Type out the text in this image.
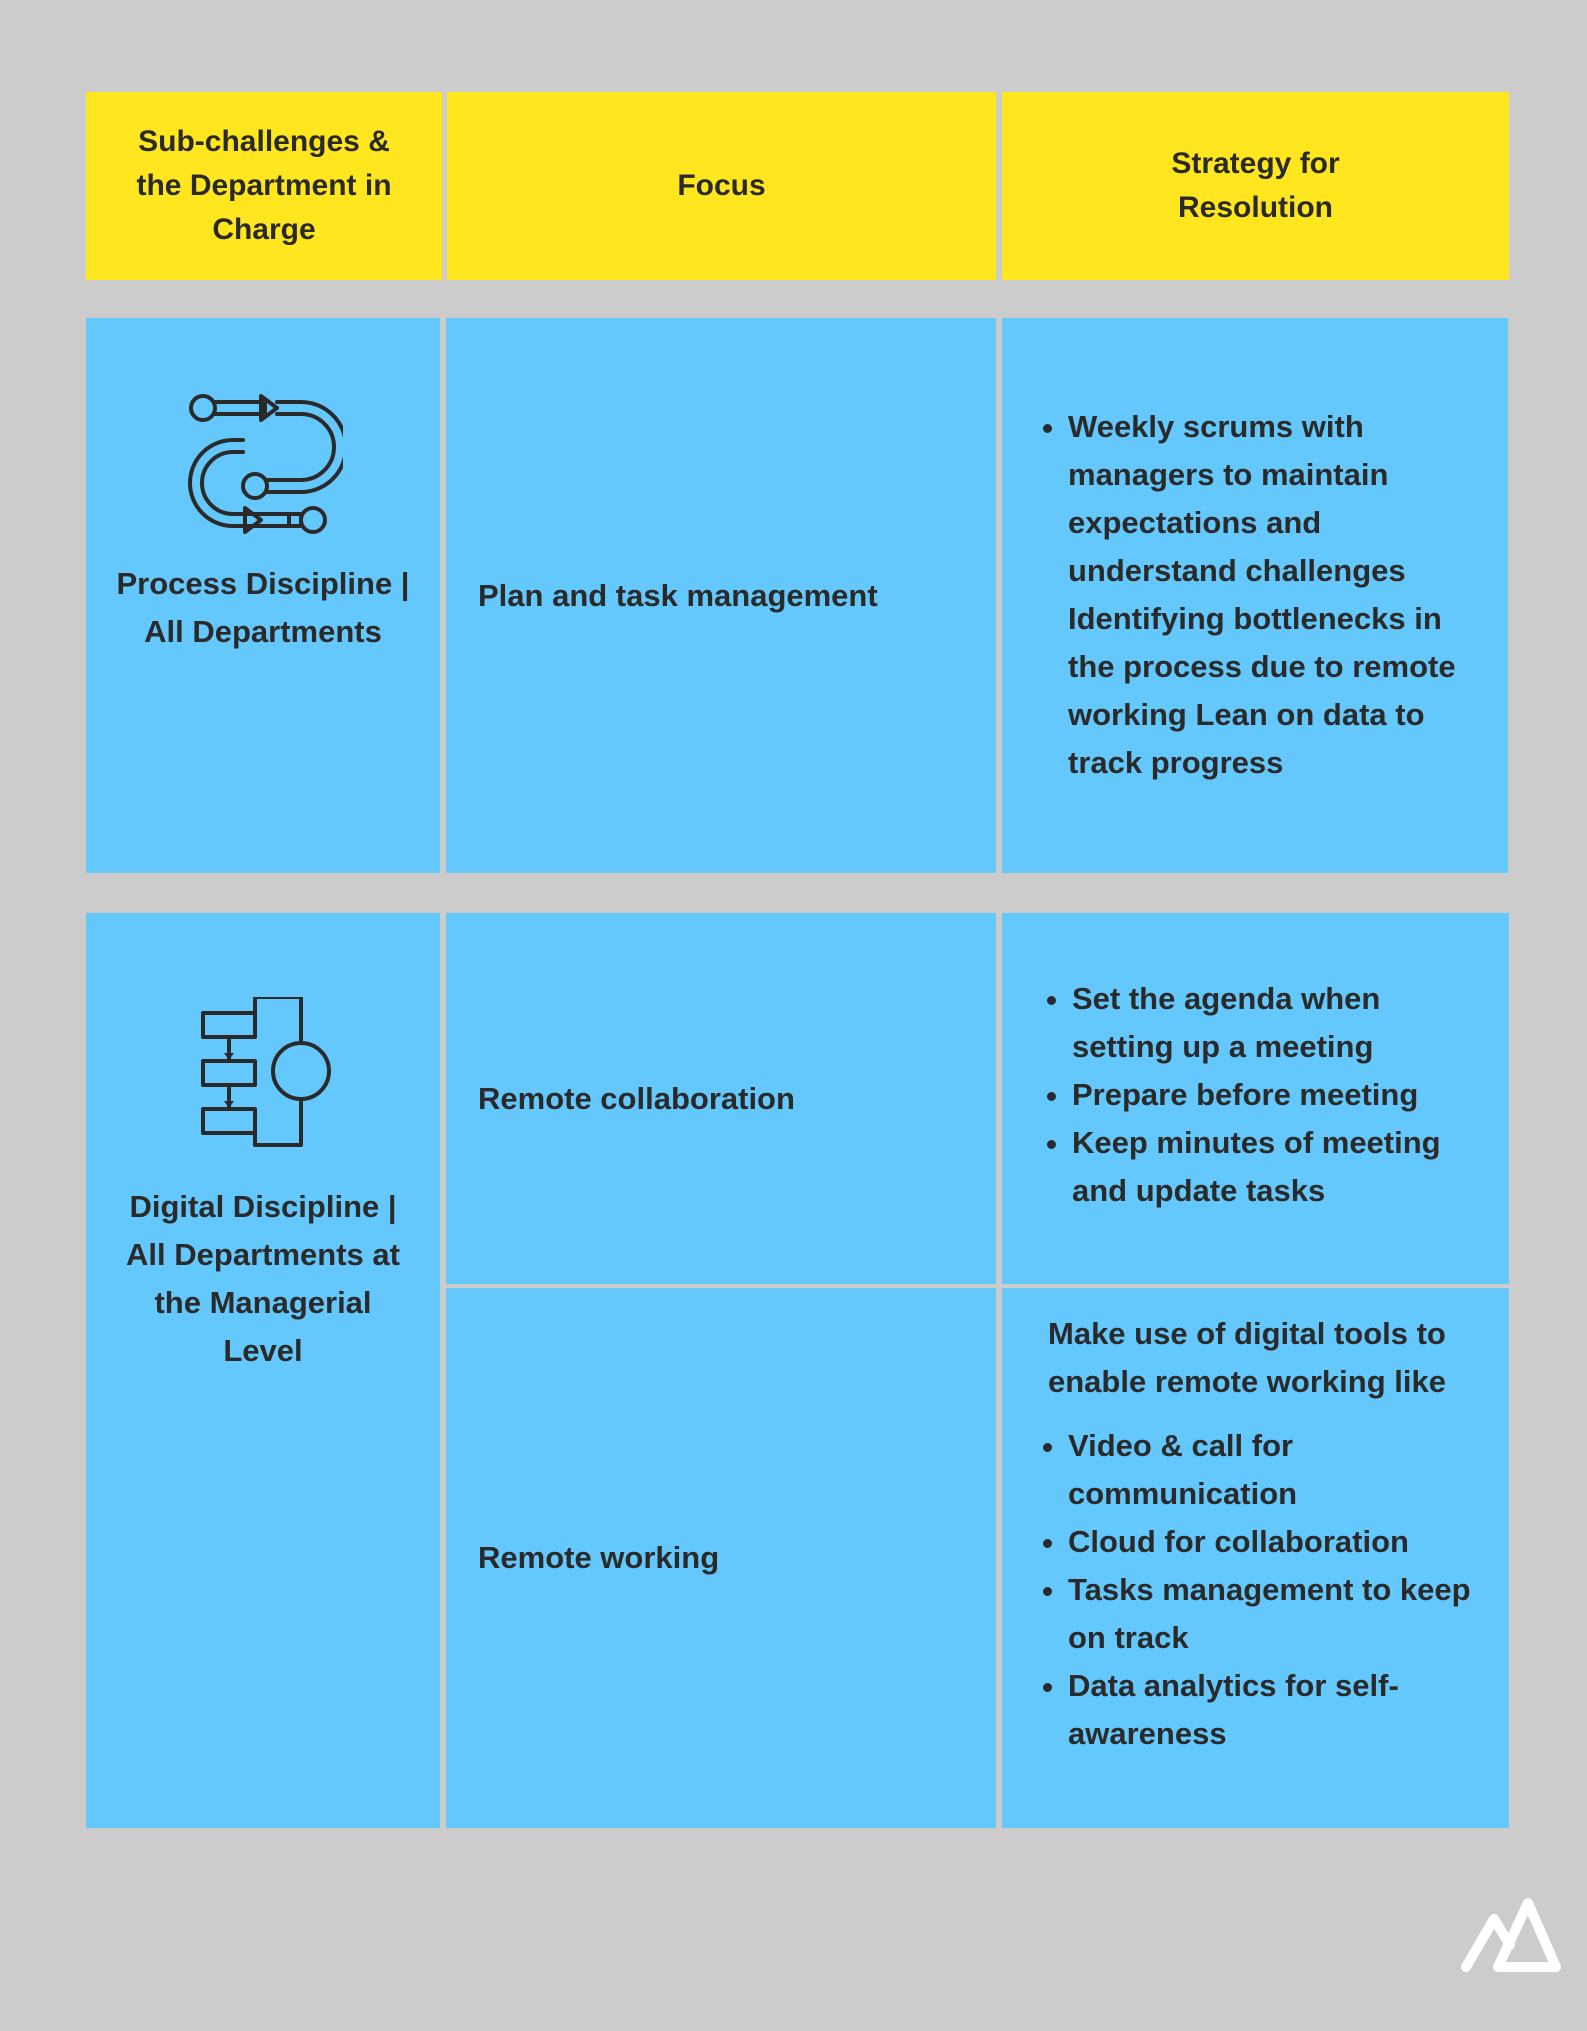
Sub-challenges & the Department in Charge
Focus
Strategy for Resolution
Process Discipline | All Departments
Plan and task management
• Weekly scrums with managers to maintain expectations and understand challenges Identifying bottlenecks in the process due to remote working Lean on data to track progress
Digital Discipline | All Departments at the Managerial Level
Remote collaboration
• Set the agenda when setting up a meeting
• Prepare before meeting
• Keep minutes of meeting and update tasks
Remote working
Make use of digital tools to enable remote working like
• Video & call for communication
• Cloud for collaboration
• Tasks management to keep on track
• Data analytics for self-awareness
